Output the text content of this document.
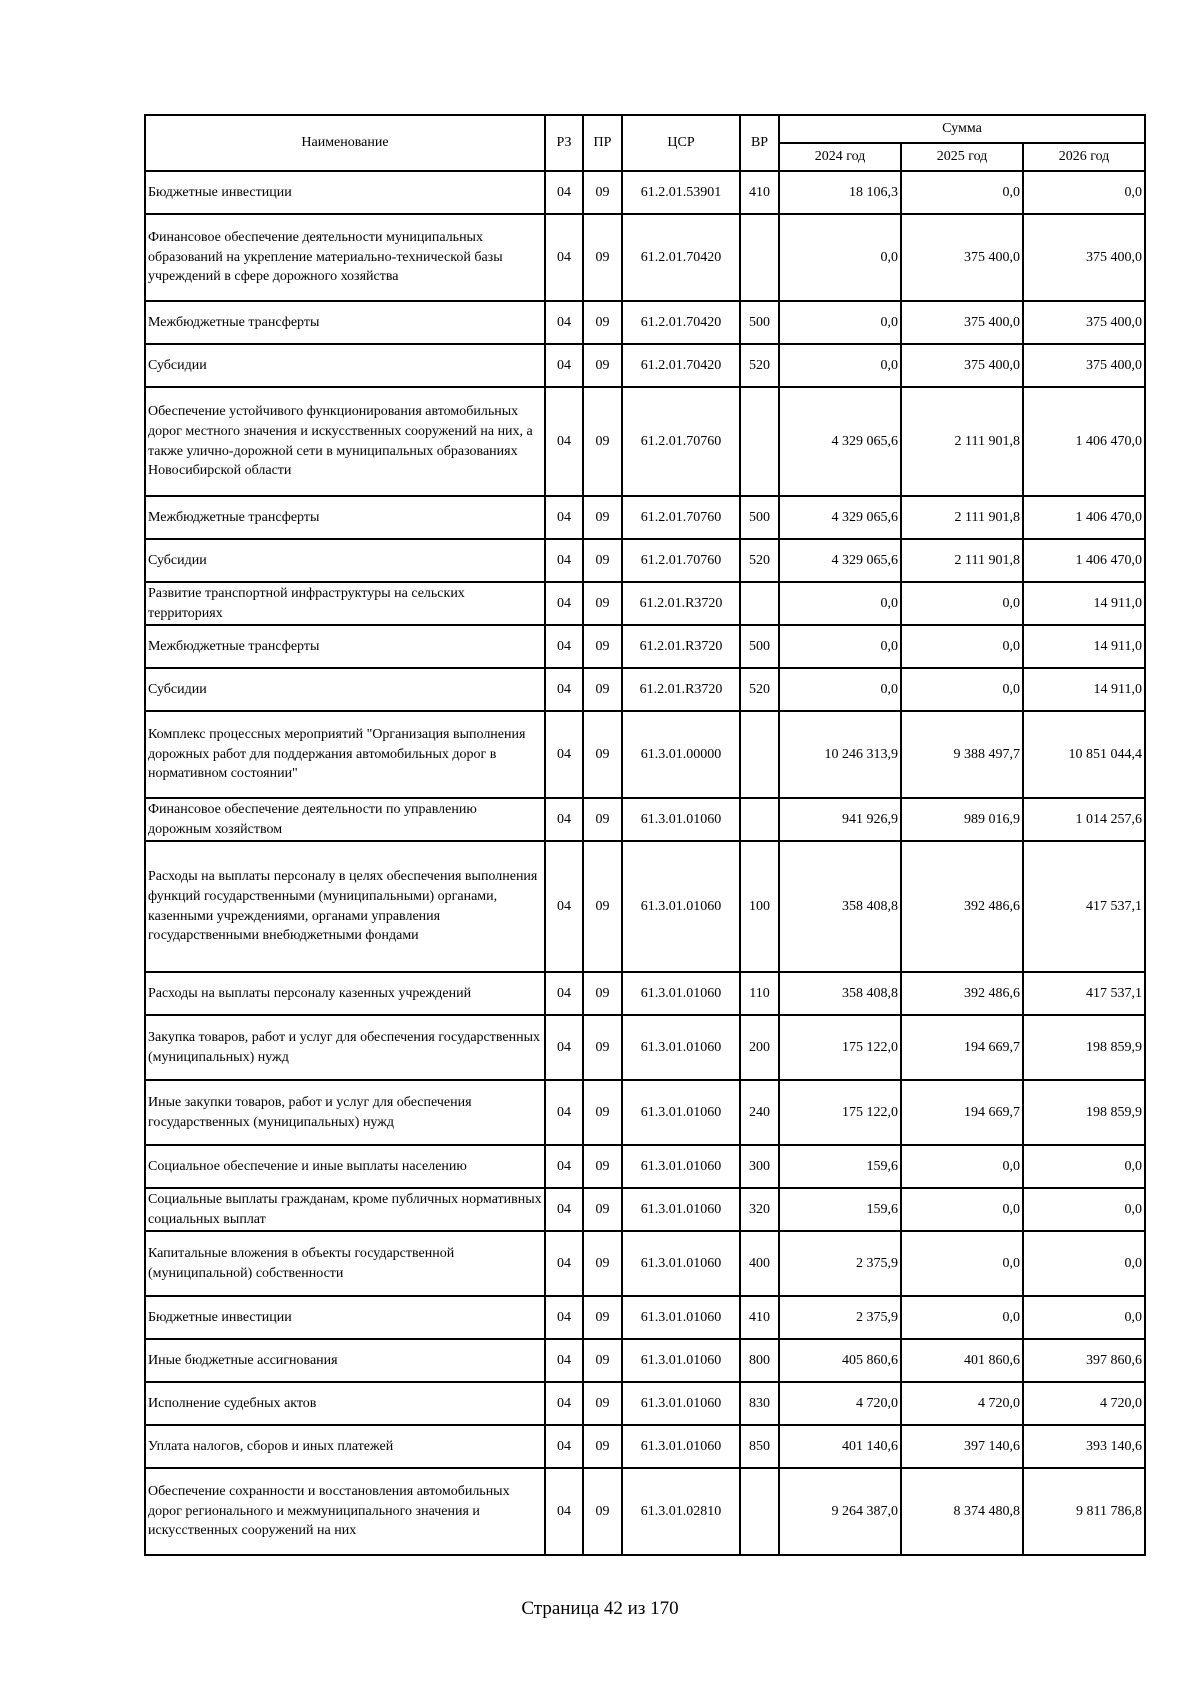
Наименование	РЗ	ПР	ЦСР	ВР	Сумма		
					2024 год	2025 год	2026 год
Бюджетные инвестиции	04	09	61.2.01.53901	410	18 106,3	0,0	0,0
Финансовое обеспечение деятельности муниципальных образований на укрепление материально-технической базы учреждений в сфере дорожного хозяйства	04	09	61.2.01.70420		0,0	375 400,0	375 400,0
Межбюджетные трансферты	04	09	61.2.01.70420	500	0,0	375 400,0	375 400,0
Субсидии	04	09	61.2.01.70420	520	0,0	375 400,0	375 400,0
Обеспечение устойчивого функционирования автомобильных дорог местного значения и искусственных сооружений на них, а также улично-дорожной сети в муниципальных образованиях Новосибирской области	04	09	61.2.01.70760		4 329 065,6	2 111 901,8	1 406 470,0
Межбюджетные трансферты	04	09	61.2.01.70760	500	4 329 065,6	2 111 901,8	1 406 470,0
Субсидии	04	09	61.2.01.70760	520	4 329 065,6	2 111 901,8	1 406 470,0
Развитие транспортной инфраструктуры на сельских территориях	04	09	61.2.01.R3720		0,0	0,0	14 911,0
Межбюджетные трансферты	04	09	61.2.01.R3720	500	0,0	0,0	14 911,0
Субсидии	04	09	61.2.01.R3720	520	0,0	0,0	14 911,0
Комплекс процессных мероприятий "Организация выполнения дорожных работ для поддержания автомобильных дорог в нормативном состоянии"	04	09	61.3.01.00000		10 246 313,9	9 388 497,7	10 851 044,4
Финансовое обеспечение деятельности по управлению дорожным хозяйством	04	09	61.3.01.01060		941 926,9	989 016,9	1 014 257,6
Расходы на выплаты персоналу в целях обеспечения выполнения функций государственными (муниципальными) органами, казенными учреждениями, органами управления государственными внебюджетными фондами	04	09	61.3.01.01060	100	358 408,8	392 486,6	417 537,1
Расходы на выплаты персоналу казенных учреждений	04	09	61.3.01.01060	110	358 408,8	392 486,6	417 537,1
Закупка товаров, работ и услуг для обеспечения государственных (муниципальных) нужд	04	09	61.3.01.01060	200	175 122,0	194 669,7	198 859,9
Иные закупки товаров, работ и услуг для обеспечения государственных (муниципальных) нужд	04	09	61.3.01.01060	240	175 122,0	194 669,7	198 859,9
Социальное обеспечение и иные выплаты населению	04	09	61.3.01.01060	300	159,6	0,0	0,0
Социальные выплаты гражданам, кроме публичных нормативных социальных выплат	04	09	61.3.01.01060	320	159,6	0,0	0,0
Капитальные вложения в объекты государственной (муниципальной) собственности	04	09	61.3.01.01060	400	2 375,9	0,0	0,0
Бюджетные инвестиции	04	09	61.3.01.01060	410	2 375,9	0,0	0,0
Иные бюджетные ассигнования	04	09	61.3.01.01060	800	405 860,6	401 860,6	397 860,6
Исполнение судебных актов	04	09	61.3.01.01060	830	4 720,0	4 720,0	4 720,0
Уплата налогов, сборов и иных платежей	04	09	61.3.01.01060	850	401 140,6	397 140,6	393 140,6
Обеспечение сохранности и восстановления автомобильных дорог регионального и межмуниципального значения и искусственных сооружений на них	04	09	61.3.01.02810		9 264 387,0	8 374 480,8	9 811 786,8
Страница 42 из 170
